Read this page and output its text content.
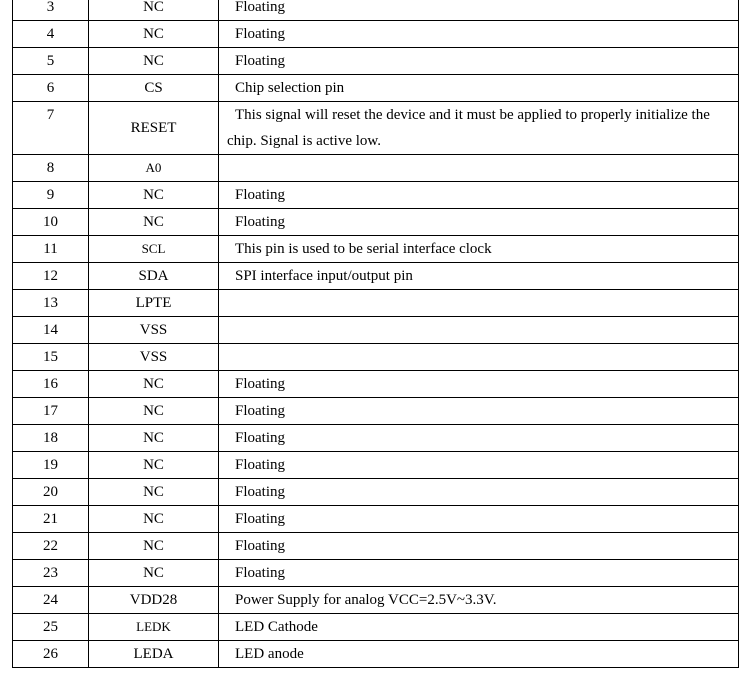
3	NC	Floating
4	NC	Floating
5	NC	Floating
6	CS	Chip selection pin
7	RESET	This signal will reset the device and it must be applied to properly initialize the chip. Signal is active low.
8	A0	
9	NC	Floating
10	NC	Floating
11	SCL	This pin is used to be serial interface clock
12	SDA	SPI interface input/output pin
13	LPTE	
14	VSS	
15	VSS	
16	NC	Floating
17	NC	Floating
18	NC	Floating
19	NC	Floating
20	NC	Floating
21	NC	Floating
22	NC	Floating
23	NC	Floating
24	VDD28	Power Supply for analog VCC=2.5V~3.3V.
25	LEDK	LED Cathode
26	LEDA	LED anode
